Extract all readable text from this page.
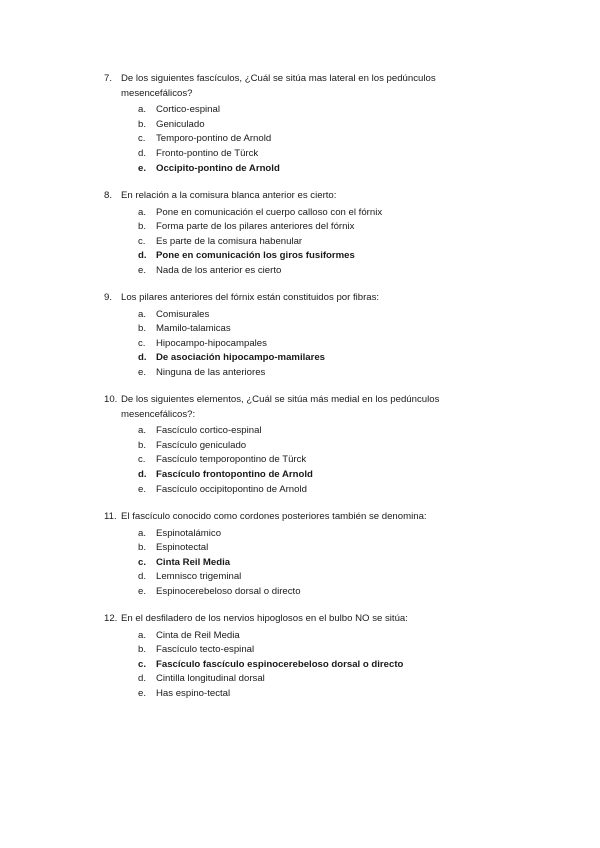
7. De los siguientes fascículos, ¿Cuál se sitúa mas lateral en los pedúnculos mesencefálicos?
a.	Cortico-espinal
b.	Geniculado
c.	Temporo-pontino de Arnold
d.	Fronto-pontino de Türck
e.	Occipito-pontino de Arnold
8. En relación a la comisura blanca anterior es cierto:
a.	Pone en comunicación el cuerpo calloso con el fórnix
b.	Forma parte de los pilares anteriores del fórnix
c.	Es parte de la comisura habenular
d. Pone en comunicación los giros fusiformes
e.	Nada de los anterior es cierto
9. Los pilares anteriores del fórnix están constituidos por fibras:
a.	Comisurales
b.	Mamilo-talamicas
c.	Hipocampo-hipocampales
d. De asociación hipocampo-mamilares
e.	Ninguna de las anteriores
10. De los siguientes elementos, ¿Cuál se sitúa más medial en los pedúnculos mesencefálicos?:
a.	Fascículo cortico-espinal
b.	Fascículo geniculado
c.	Fascículo temporopontino de Türck
d. Fascículo frontopontino de Arnold
e.	Fascículo occipitopontino de Arnold
11. El fascículo conocido como cordones posteriores también se denomina:
a.	Espinotalámico
b.	Espinotectal
c.	Cinta Reil Media
d.	Lemnisco trigeminal
e.	Espinocerebeloso dorsal o directo
12. En el desfiladero de los nervios hipoglosos en el bulbo NO se sitúa:
a.	Cinta de Reil Media
b.	Fascículo tecto-espinal
c.	Fascículo fascículo espinocerebeloso dorsal o directo
d.	Cintilla longitudinal dorsal
e.	Has espino-tectal
